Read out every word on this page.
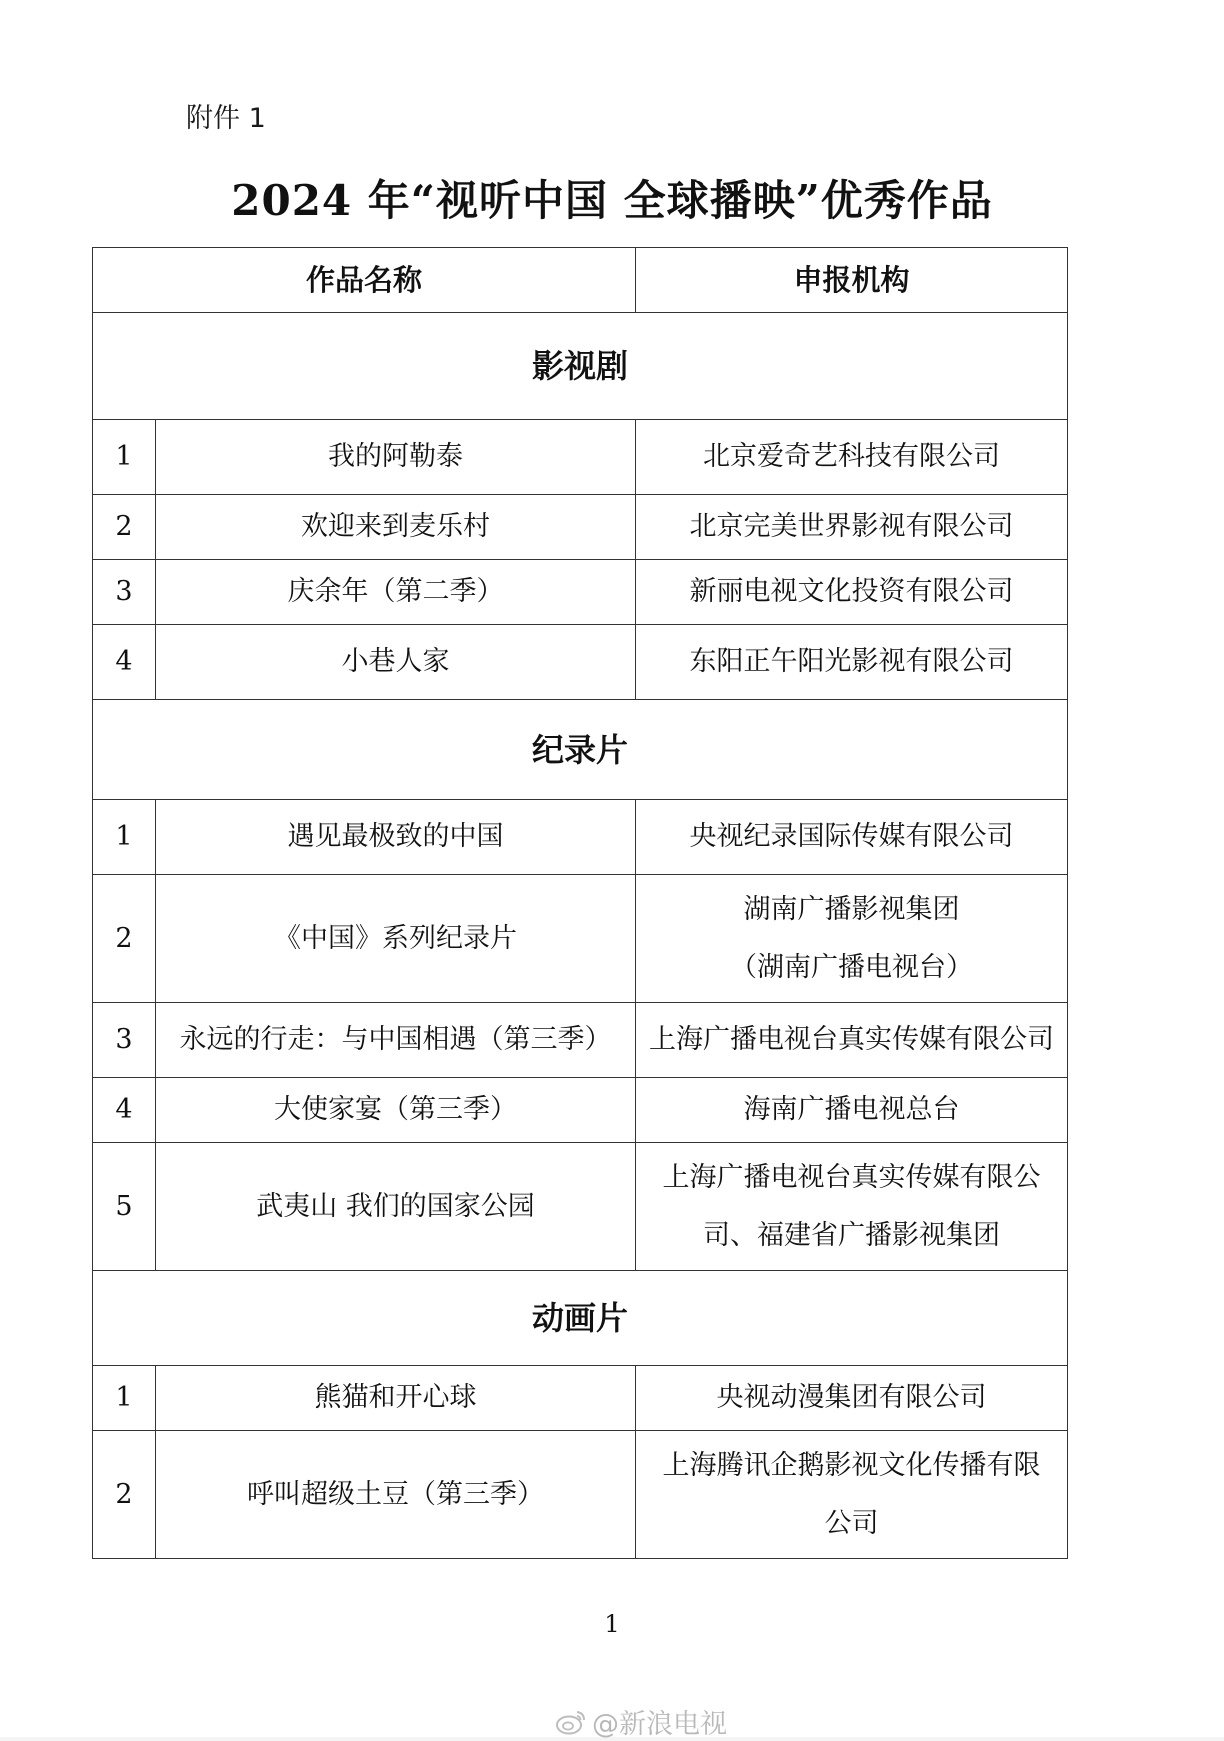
附件 1
2024 年“视听中国 全球播映”优秀作品
作品名称		申报机构
影视剧		
1	我的阿勒泰	北京爱奇艺科技有限公司
2	欢迎来到麦乐村	北京完美世界影视有限公司
3	庆余年（第二季）	新丽电视文化投资有限公司
4	小巷人家	东阳正午阳光影视有限公司
纪录片		
1	遇见最极致的中国	央视纪录国际传媒有限公司
2	《中国》系列纪录片	湖南广播影视集团
（湖南广播电视台）

3	永远的行走：与中国相遇（第三季）	上海广播电视台真实传媒有限公司
4	大使家宴（第三季）	海南广播电视总台
5	武夷山 我们的国家公园	上海广播电视台真实传媒有限公
司、福建省广播影视集团

动画片		
1	熊猫和开心球	央视动漫集团有限公司
2	呼叫超级土豆（第三季）	上海腾讯企鹅影视文化传播有限
公司
1
@新浪电视
